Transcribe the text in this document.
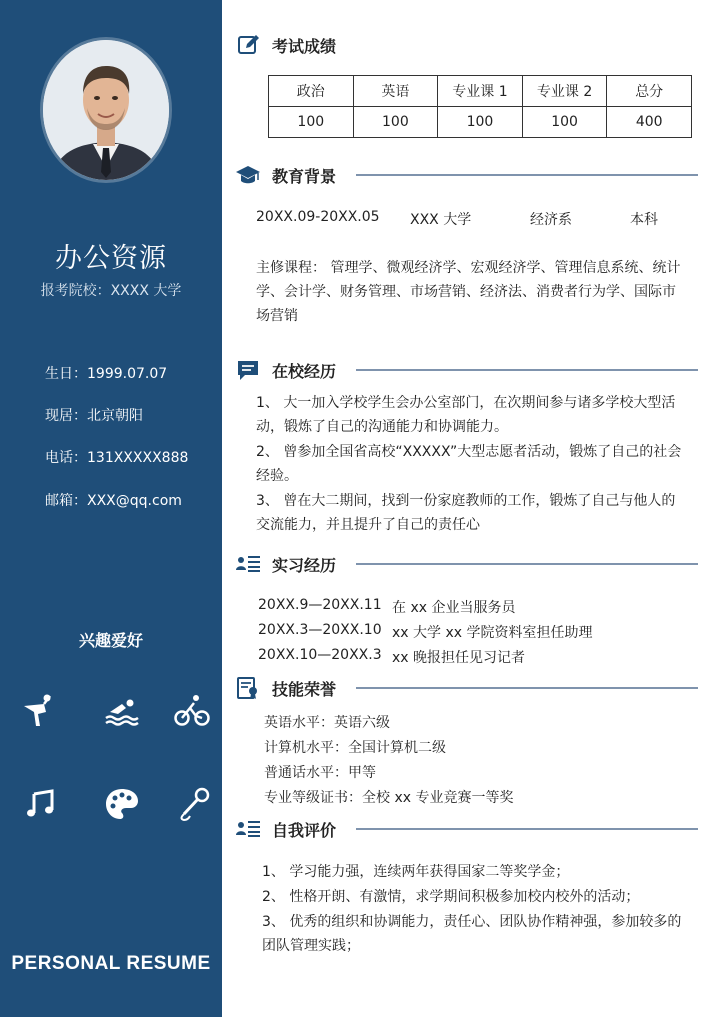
办公资源
报考院校：XXXX 大学
生日：1999.07.07
现居：北京朝阳
电话：131XXXXX888
邮箱：XXX@qq.com
兴趣爱好
PERSONAL RESUME
考试成绩
政治	英语	专业课 1	专业课 2	总分
100	100	100	100	400
教育背景
20XX.09-20XX.05 XXX 大学	经济系	本科
主修课程： 管理学、微观经济学、宏观经济学、管理信息系统、统计学、会计学、财务管理、市场营销、经济法、消费者行为学、国际市场营销
在校经历
1、 大一加入学校学生会办公室部门，在次期间参与诸多学校大型活动，锻炼了自己的沟通能力和协调能力。
2、 曾参加全国省高校“XXXXX”大型志愿者活动，锻炼了自己的社会经验。
3、 曾在大二期间，找到一份家庭教师的工作，锻炼了自己与他人的交流能力，并且提升了自己的责任心
实习经历
20XX.9—20XX.11 在 xx 企业当服务员
20XX.3—20XX.10 xx 大学 xx 学院资料室担任助理
20XX.10—20XX.3 xx 晚报担任见习记者
技能荣誉
英语水平：英语六级
计算机水平：全国计算机二级
普通话水平：甲等
专业等级证书：全校 xx 专业竞赛一等奖
自我评价
1、 学习能力强，连续两年获得国家二等奖学金；
2、 性格开朗、有激情，求学期间积极参加校内校外的活动；
3、 优秀的组织和协调能力，责任心、团队协作精神强，参加较多的团队管理实践；
